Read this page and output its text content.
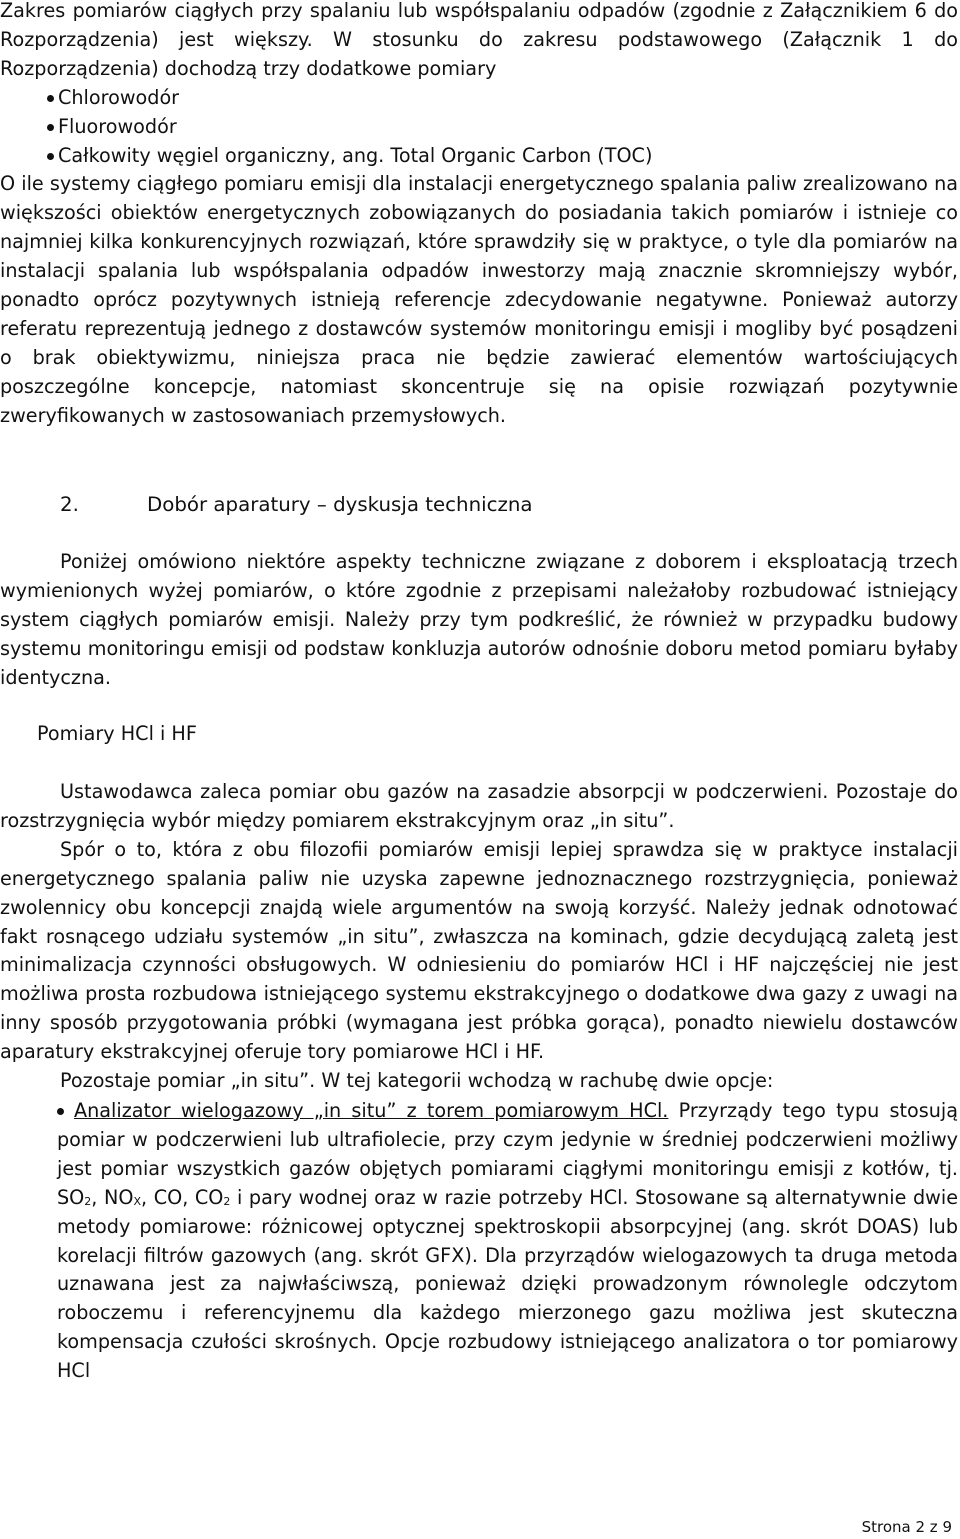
Zakres pomiarów ciągłych przy spalaniu lub współspalaniu odpadów (zgodnie z Załącznikiem 6 do Rozporządzenia) jest większy. W stosunku do zakresu podstawowego (Załącznik 1 do Rozporządzenia) dochodzą trzy dodatkowe pomiary

Chlorowodór
Fluorowodór
Całkowity węgiel organiczny, ang. Total Organic Carbon (TOC)

O ile systemy ciągłego pomiaru emisji dla instalacji energetycznego spalania paliw zrealizowano na większości obiektów energetycznych zobowiązanych do posiadania takich pomiarów i istnieje co najmniej kilka konkurencyjnych rozwiązań, które sprawdziły się w praktyce, o tyle dla pomiarów na instalacji spalania lub współspalania odpadów inwestorzy mają znacznie skromniejszy wybór, ponadto oprócz pozytywnych istnieją referencje zdecydowanie negatywne. Ponieważ autorzy referatu reprezentują jednego z dostawców systemów monitoringu emisji i mogliby być posądzeni o brak obiektywizmu, niniejsza praca nie będzie zawierać elementów wartościujących poszczególne koncepcje, natomiast skoncentruje się na opisie rozwiązań pozytywnie zweryfikowanych w zastosowaniach przemysłowych.

2.	Dobór aparatury – dyskusja techniczna

Poniżej omówiono niektóre aspekty techniczne związane z doborem i eksploatacją trzech wymienionych wyżej pomiarów, o które zgodnie z przepisami należałoby rozbudować istniejący system ciągłych pomiarów emisji. Należy przy tym podkreślić, że również w przypadku budowy systemu monitoringu emisji od podstaw konkluzja autorów odnośnie doboru metod pomiaru byłaby identyczna.

Pomiary HCl i HF

Ustawodawca zaleca pomiar obu gazów na zasadzie absorpcji w podczerwieni. Pozostaje do rozstrzygnięcia wybór między pomiarem ekstrakcyjnym oraz „in situ”.

Spór o to, która z obu filozofii pomiarów emisji lepiej sprawdza się w praktyce instalacji energetycznego spalania paliw nie uzyska zapewne jednoznacznego rozstrzygnięcia, ponieważ zwolennicy obu koncepcji znajdą wiele argumentów na swoją korzyść. Należy jednak odnotować fakt rosnącego udziału systemów „in situ”, zwłaszcza na kominach, gdzie decydującą zaletą jest minimalizacja czynności obsługowych. W odniesieniu do pomiarów HCl i HF najczęściej nie jest możliwa prosta rozbudowa istniejącego systemu ekstrakcyjnego o dodatkowe dwa gazy z uwagi na inny sposób przygotowania próbki (wymagana jest próbka gorąca), ponadto niewielu dostawców aparatury ekstrakcyjnej oferuje tory pomiarowe HCl i HF.

Pozostaje pomiar „in situ”. W tej kategorii wchodzą w rachubę dwie opcje:

Analizator wielogazowy „in situ” z torem pomiarowym HCl. Przyrządy tego typu stosują pomiar w podczerwieni lub ultrafiolecie, przy czym jedynie w średniej podczerwieni możliwy jest pomiar wszystkich gazów objętych pomiarami ciągłymi monitoringu emisji z kotłów, tj. $SO_2$, $NO_X$, CO, $CO_2$ i pary wodnej oraz w razie potrzeby HCl. Stosowane są alternatywnie dwie metody pomiarowe: różnicowej optycznej spektroskopii absorpcyjnej (ang. skrót DOAS) lub korelacji filtrów gazowych (ang. skrót GFX). Dla przyrządów wielogazowych ta druga metoda uznawana jest za najwłaściwszą, ponieważ dzięki prowadzonym równolegle odczytom roboczemu i referencyjnemu dla każdego mierzonego gazu możliwa jest skuteczna kompensacja czułości skrośnych. Opcje rozbudowy istniejącego analizatora o tor pomiarowy HCl
Strona 2 z 9
